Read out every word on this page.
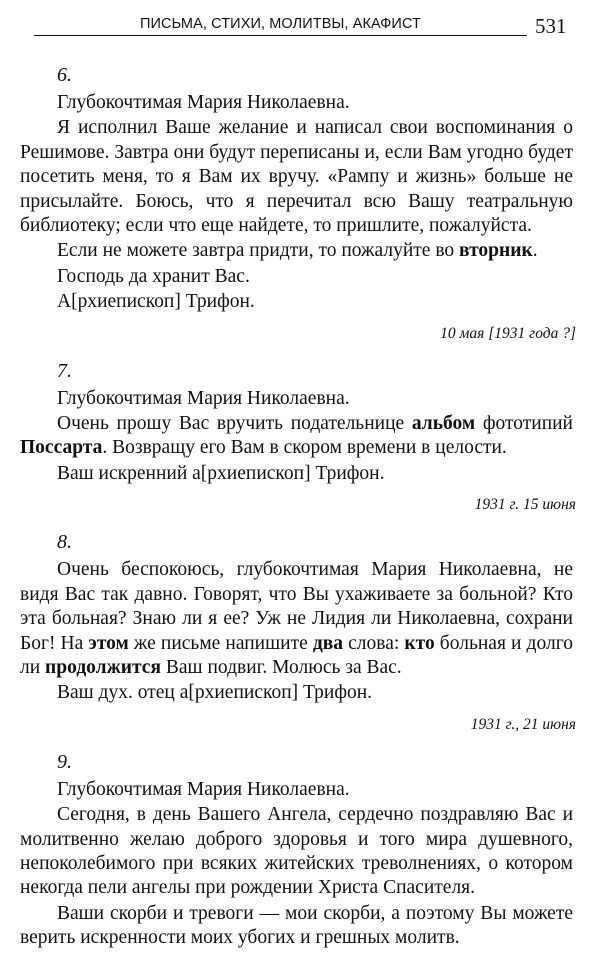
ПИСЬМА, СТИХИ, МОЛИТВЫ, АКАФИСТ	531
6.
Глубокочтимая Мария Николаевна.

Я исполнил Ваше желание и написал свои воспоминания о Решимове. Завтра они будут переписаны и, если Вам угодно будет посетить меня, то я Вам их вручу. «Рампу и жизнь» больше не присылайте. Боюсь, что я перечитал всю Вашу театральную библиотеку; если что еще найдете, то пришлите, пожалуйста.

Если не можете завтра придти, то пожалуйте во вторник.

Господь да хранит Вас.
А[рхиепископ] Трифон.
10 мая [1931 года ?]
7.
Глубокочтимая Мария Николаевна.

Очень прошу Вас вручить подательнице альбом фототипий Поссарта. Возвращу его Вам в скором времени в целости.

Ваш искренний а[рхиепископ] Трифон.
1931 г. 15 июня
8.

Очень беспокоюсь, глубокочтимая Мария Николаевна, не видя Вас так давно. Говорят, что Вы ухаживаете за больной? Кто эта больная? Знаю ли я ее? Уж не Лидия ли Николаевна, сохрани Бог! На этом же письме напишите два слова: кто больная и долго ли продолжится Ваш подвиг. Молюсь за Вас.

Ваш дух. отец а[рхиепископ] Трифон.
1931 г., 21 июня
9.
Глубокочтимая Мария Николаевна.

Сегодня, в день Вашего Ангела, сердечно поздравляю Вас и молитвенно желаю доброго здоровья и того мира душевного, непоколебимого при всяких житейских треволнениях, о котором некогда пели ангелы при рождении Христа Спасителя.

Ваши скорби и тревоги — мои скорби, а поэтому Вы можете верить искренности моих убогих и грешных молитв.
